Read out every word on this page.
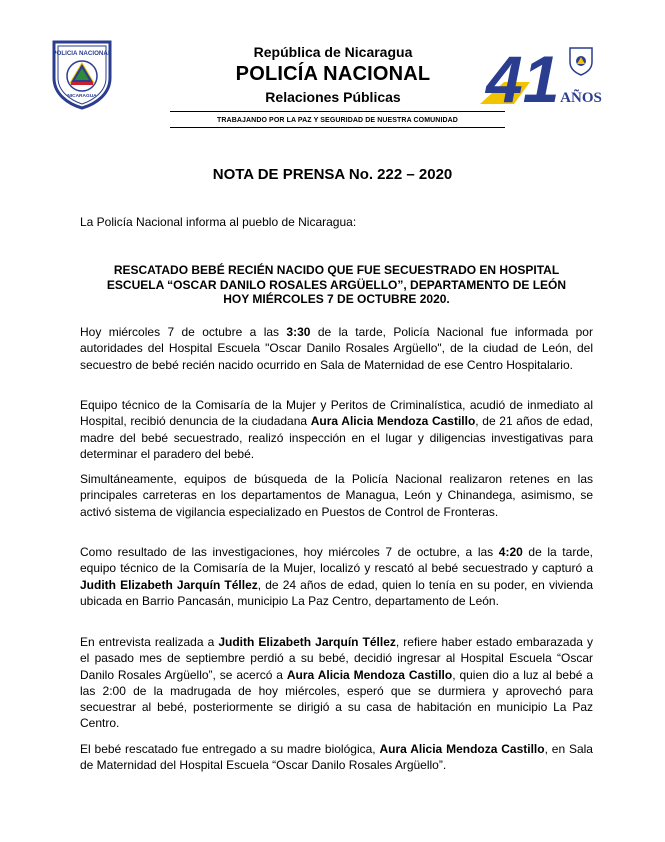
POLICIA NACIONAL
NICARAGUA
República de Nicaragua
POLICÍA NACIONAL
Relaciones Públicas	41 AÑOS
TRABAJANDO POR LA PAZ Y SEGURIDAD DE NUESTRA COMUNIDAD
NOTA DE PRENSA No. 222 – 2020
La Policía Nacional informa al pueblo de Nicaragua:
RESCATADO BEBÉ RECIÉN NACIDO QUE FUE SECUESTRADO EN HOSPITAL
ESCUELA “OSCAR DANILO ROSALES ARGÜELLO”, DEPARTAMENTO DE LEÓN
HOY MIÉRCOLES 7 DE OCTUBRE 2020.

Hoy miércoles 7 de octubre a las 3:30 de la tarde, Policía Nacional fue informada por autoridades del Hospital Escuela "Oscar Danilo Rosales Argüello", de la ciudad de León, del secuestro de bebé recién nacido ocurrido en Sala de Maternidad de ese Centro Hospitalario.

Equipo técnico de la Comisaría de la Mujer y Peritos de Criminalística, acudió de inmediato al Hospital, recibió denuncia de la ciudadana Aura Alicia Mendoza Castillo, de 21 años de edad, madre del bebé secuestrado, realizó inspección en el lugar y diligencias investigativas para determinar el paradero del bebé.

Simultáneamente, equipos de búsqueda de la Policía Nacional realizaron retenes en las principales carreteras en los departamentos de Managua, León y Chinandega, asimismo, se activó sistema de vigilancia especializado en Puestos de Control de Fronteras.

Como resultado de las investigaciones, hoy miércoles 7 de octubre, a las 4:20 de la tarde, equipo técnico de la Comisaría de la Mujer, localizó y rescató al bebé secuestrado y capturó a Judith Elizabeth Jarquín Téllez, de 24 años de edad, quien lo tenía en su poder, en vivienda ubicada en Barrio Pancasán, municipio La Paz Centro, departamento de León.

En entrevista realizada a Judith Elizabeth Jarquín Téllez, refiere haber estado embarazada y el pasado mes de septiembre perdió a su bebé, decidió ingresar al Hospital Escuela “Oscar Danilo Rosales Argüello”, se acercó a Aura Alicia Mendoza Castillo, quien dio a luz al bebé a las 2:00 de la madrugada de hoy miércoles, esperó que se durmiera y aprovechó para secuestrar al bebé, posteriormente se dirigió a su casa de habitación en municipio La Paz Centro.

El bebé rescatado fue entregado a su madre biológica, Aura Alicia Mendoza Castillo, en Sala de Maternidad del Hospital Escuela “Oscar Danilo Rosales Argüello”.
